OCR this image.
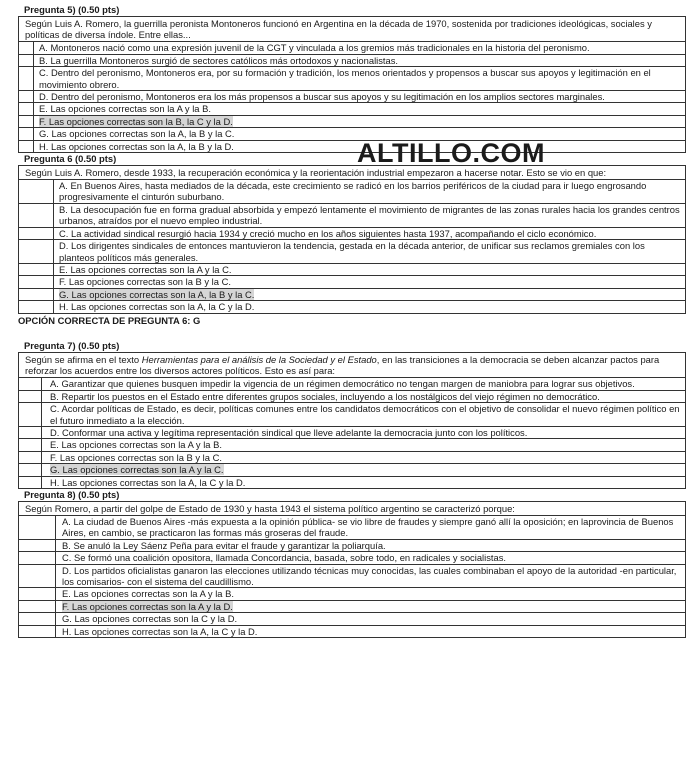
Pregunta 5) (0.50 pts)
Según Luis A. Romero, la guerrilla peronista Montoneros funcionó en Argentina en la década de 1970, sostenida por tradiciones ideológicas, sociales y políticas de diversa índole. Entre ellas...
A. Montoneros nació como una expresión juvenil de la CGT y vinculada a los gremios más tradicionales en la historia del peronismo.
B. La guerrilla Montoneros surgió de sectores católicos más ortodoxos y nacionalistas.
C. Dentro del peronismo, Montoneros era, por su formación y tradición, los menos orientados y propensos a buscar sus apoyos y legitimación en el movimiento obrero.
D. Dentro del peronismo, Montoneros era los más propensos a buscar sus apoyos y su legitimación en los amplios sectores marginales.
E. Las opciones correctas son la A y la B.
F. Las opciones correctas son la B, la C y la D.
G. Las opciones correctas son la A, la B y la C.
H. Las opciones correctas son la A, la B y la D.
Pregunta 6 (0.50 pts)
Según Luis A. Romero, desde 1933, la recuperación económica y la reorientación industrial empezaron a hacerse notar. Esto se vio en que:
A. En Buenos Aires, hasta mediados de la década, este crecimiento se radicó en los barrios periféricos de la ciudad para ir luego engrosando progresivamente el cinturón suburbano.
B. La desocupación fue en forma gradual absorbida y empezó lentamente el movimiento de migrantes de las zonas rurales hacia los grandes centros urbanos, atraídos por el nuevo empleo industrial.
C. La actividad sindical resurgió hacia 1934 y creció mucho en los años siguientes hasta 1937, acompañando el ciclo económico.
D. Los dirigentes sindicales de entonces mantuvieron la tendencia, gestada en la década anterior, de unificar sus reclamos gremiales con los planteos políticos más generales.
E. Las opciones correctas son la A y la C.
F. Las opciones correctas son la B y la C.
G. Las opciones correctas son la A, la B y la C.
H. Las opciones correctas son la A, la C y la D.
OPCIÓN CORRECTA DE PREGUNTA 6: G
Pregunta 7) (0.50 pts)
Según se afirma en el texto Herramientas para el análisis de la Sociedad y el Estado, en las transiciones a la democracia se deben alcanzar pactos para reforzar los acuerdos entre los diversos actores políticos. Esto es así para:
A. Garantizar que quienes busquen impedir la vigencia de un régimen democrático no tengan margen de maniobra para lograr sus objetivos.
B. Repartir los puestos en el Estado entre diferentes grupos sociales, incluyendo a los nostálgicos del viejo régimen no democrático.
C. Acordar políticas de Estado, es decir, políticas comunes entre los candidatos democráticos con el objetivo de consolidar el nuevo régimen político en el futuro inmediato a la elección.
D. Conformar una activa y legítima representación sindical que lleve adelante la democracia junto con los políticos.
E. Las opciones correctas son la A y la B.
F. Las opciones correctas son la B y la C.
G. Las opciones correctas son la A y la C.
H. Las opciones correctas son la A, la C y la D.
Pregunta 8) (0.50 pts)
Según Romero, a partir del golpe de Estado de 1930 y hasta 1943 el sistema político argentino se caracterizó porque:
A. La ciudad de Buenos Aires -más expuesta a la opinión pública- se vio libre de fraudes y siempre ganó allí la oposición; en laprovincia de Buenos Aires, en cambio, se practicaron las formas más groseras del fraude.
B. Se anuló la Ley Sáenz Peña para evitar el fraude y garantizar la poliarquía.
C. Se formó una coalición opositora, llamada Concordancia, basada, sobre todo, en radicales y socialistas.
D. Los partidos oficialistas ganaron las elecciones utilizando técnicas muy conocidas, las cuales combinaban el apoyo de la autoridad -en particular, los comisarios- con el sistema del caudillismo.
E. Las opciones correctas son la A y la B.
F. Las opciones correctas son la A y la D.
G. Las opciones correctas son la C y la D.
H. Las opciones correctas son la A, la C y la D.
ALTILLO.COM
